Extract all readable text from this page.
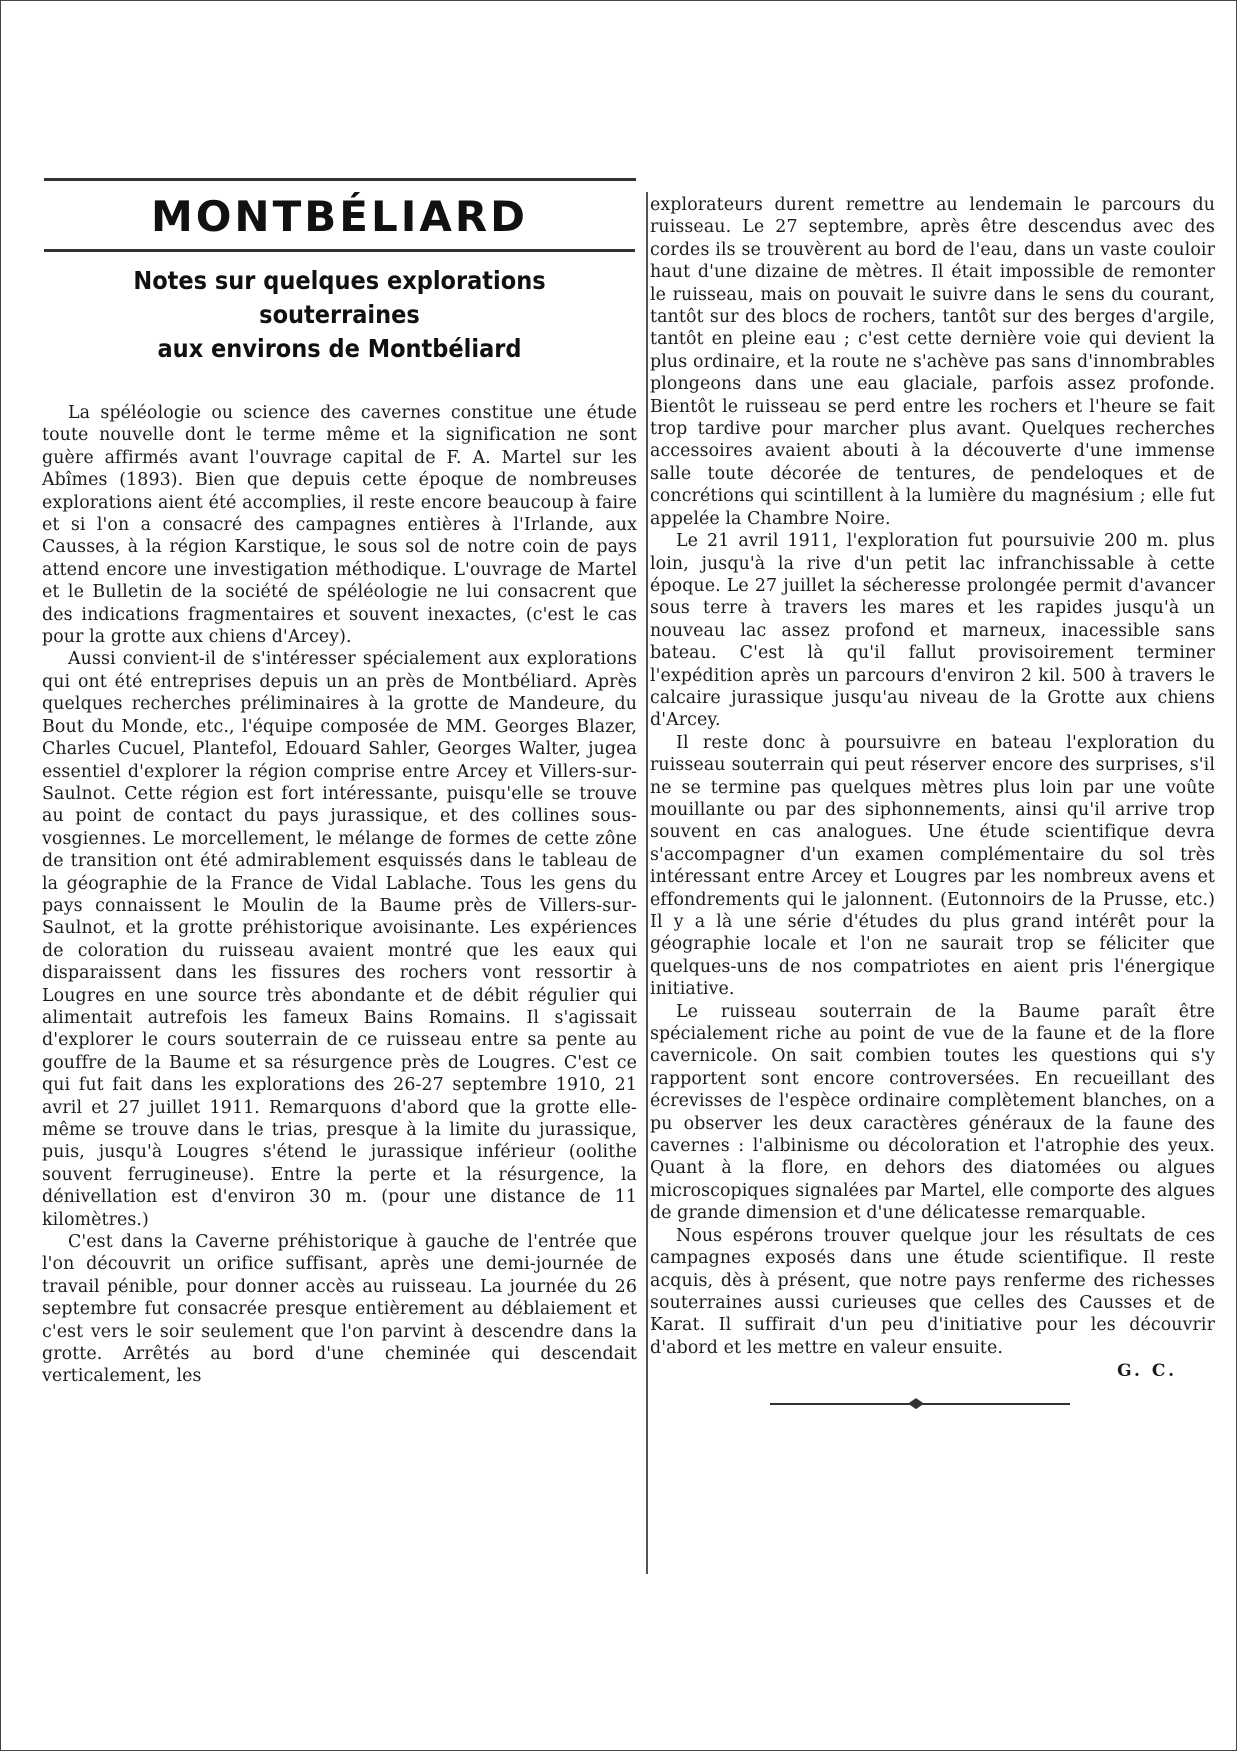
MONTBÉLIARD
Notes sur quelques explorations souterraines
aux environs de Montbéliard

La spéléologie ou science des cavernes constitue une étude toute nouvelle dont le terme même et la signification ne sont guère affirmés avant l'ouvrage capital de F. A. Martel sur les Abîmes (1893). Bien que depuis cette époque de nombreuses explorations aient été accomplies, il reste encore beaucoup à faire et si l'on a consacré des campagnes entières à l'Irlande, aux Causses, à la région Karstique, le sous sol de notre coin de pays attend encore une investigation méthodique. L'ouvrage de Martel et le Bulletin de la société de spéléologie ne lui consacrent que des indications fragmentaires et souvent inexactes, (c'est le cas pour la grotte aux chiens d'Arcey).

Aussi convient-il de s'intéresser spécialement aux explorations qui ont été entreprises depuis un an près de Montbéliard. Après quelques recherches préliminaires à la grotte de Mandeure, du Bout du Monde, etc., l'équipe composée de MM. Georges Blazer, Charles Cucuel, Plantefol, Edouard Sahler, Georges Walter, jugea essentiel d'explorer la région comprise entre Arcey et Villers-sur-Saulnot. Cette région est fort intéressante, puisqu'elle se trouve au point de contact du pays jurassique, et des collines sous-vosgiennes. Le morcellement, le mélange de formes de cette zône de transition ont été admirablement esquissés dans le tableau de la géographie de la France de Vidal Lablache. Tous les gens du pays connaissent le Moulin de la Baume près de Villers-sur-Saulnot, et la grotte préhistorique avoisinante. Les expériences de coloration du ruisseau avaient montré que les eaux qui disparaissent dans les fissures des rochers vont ressortir à Lougres en une source très abondante et de débit régulier qui alimentait autrefois les fameux Bains Romains. Il s'agissait d'explorer le cours souterrain de ce ruisseau entre sa pente au gouffre de la Baume et sa résurgence près de Lougres. C'est ce qui fut fait dans les explorations des 26-27 septembre 1910, 21 avril et 27 juillet 1911. Remarquons d'abord que la grotte elle-même se trouve dans le trias, presque à la limite du jurassique, puis, jusqu'à Lougres s'étend le jurassique inférieur (oolithe souvent ferrugineuse). Entre la perte et la résurgence, la dénivellation est d'environ 30 m. (pour une distance de 11 kilomètres.)

C'est dans la Caverne préhistorique à gauche de l'entrée que l'on découvrit un orifice suffisant, après une demi-journée de travail pénible, pour donner accès au ruisseau. La journée du 26 septembre fut consacrée presque entièrement au déblaiement et c'est vers le soir seulement que l'on parvint à descendre dans la grotte. Arrêtés au bord d'une cheminée qui descendait verticalement, les

explorateurs durent remettre au lendemain le parcours du ruisseau. Le 27 septembre, après être descendus avec des cordes ils se trouvèrent au bord de l'eau, dans un vaste couloir haut d'une dizaine de mètres. Il était impossible de remonter le ruisseau, mais on pouvait le suivre dans le sens du courant, tantôt sur des blocs de rochers, tantôt sur des berges d'argile, tantôt en pleine eau ; c'est cette dernière voie qui devient la plus ordinaire, et la route ne s'achève pas sans d'innombrables plongeons dans une eau glaciale, parfois assez profonde. Bientôt le ruisseau se perd entre les rochers et l'heure se fait trop tardive pour marcher plus avant. Quelques recherches accessoires avaient abouti à la découverte d'une immense salle toute décorée de tentures, de pendeloques et de concrétions qui scintillent à la lumière du magnésium ; elle fut appelée la Chambre Noire.

Le 21 avril 1911, l'exploration fut poursuivie 200 m. plus loin, jusqu'à la rive d'un petit lac infranchissable à cette époque. Le 27 juillet la sécheresse prolongée permit d'avancer sous terre à travers les mares et les rapides jusqu'à un nouveau lac assez profond et marneux, inacessible sans bateau. C'est là qu'il fallut provisoirement terminer l'expédition après un parcours d'environ 2 kil. 500 à travers le calcaire jurassique jusqu'au niveau de la Grotte aux chiens d'Arcey.

Il reste donc à poursuivre en bateau l'exploration du ruisseau souterrain qui peut réserver encore des surprises, s'il ne se termine pas quelques mètres plus loin par une voûte mouillante ou par des siphonnements, ainsi qu'il arrive trop souvent en cas analogues. Une étude scientifique devra s'accompagner d'un examen complémentaire du sol très intéressant entre Arcey et Lougres par les nombreux avens et effondrements qui le jalonnent. (Eutonnoirs de la Prusse, etc.) Il y a là une série d'études du plus grand intérêt pour la géographie locale et l'on ne saurait trop se féliciter que quelques-uns de nos compatriotes en aient pris l'énergique initiative.

Le ruisseau souterrain de la Baume paraît être spécialement riche au point de vue de la faune et de la flore cavernicole. On sait combien toutes les questions qui s'y rapportent sont encore controversées. En recueillant des écrevisses de l'espèce ordinaire complètement blanches, on a pu observer les deux caractères généraux de la faune des cavernes : l'albinisme ou décoloration et l'atrophie des yeux. Quant à la flore, en dehors des diatomées ou algues microscopiques signalées par Martel, elle comporte des algues de grande dimension et d'une délicatesse remarquable.

Nous espérons trouver quelque jour les résultats de ces campagnes exposés dans une étude scientifique. Il reste acquis, dès à présent, que notre pays renferme des richesses souterraines aussi curieuses que celles des Causses et de Karat. Il suffirait d'un peu d'initiative pour les découvrir d'abord et les mettre en valeur ensuite.

G. C.
